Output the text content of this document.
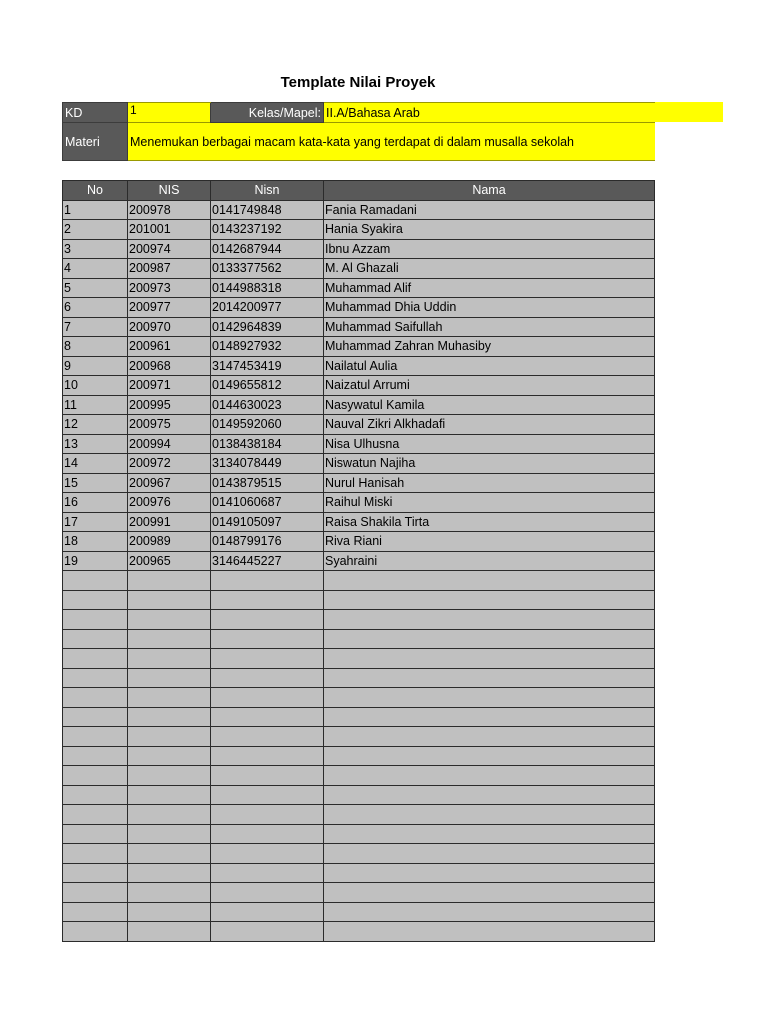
Template Nilai Proyek
KD	1	Kelas/Mapel:	II.A/Bahasa Arab
Materi	Menemukan berbagai macam kata-kata yang terdapat di dalam musalla sekolah		
No	NIS	Nisn	Nama
1	200978	0141749848	Fania Ramadani
2	201001	0143237192	Hania Syakira
3	200974	0142687944	Ibnu Azzam
4	200987	0133377562	M. Al Ghazali
5	200973	0144988318	Muhammad Alif
6	200977	2014200977	Muhammad Dhia Uddin
7	200970	0142964839	Muhammad Saifullah
8	200961	0148927932	Muhammad Zahran Muhasiby
9	200968	3147453419	Nailatul Aulia
10	200971	0149655812	Naizatul Arrumi
11	200995	0144630023	Nasywatul Kamila
12	200975	0149592060	Nauval Zikri Alkhadafi
13	200994	0138438184	Nisa Ulhusna
14	200972	3134078449	Niswatun Najiha
15	200967	0143879515	Nurul Hanisah
16	200976	0141060687	Raihul Miski
17	200991	0149105097	Raisa Shakila Tirta
18	200989	0148799176	Riva Riani
19	200965	3146445227	Syahraini
